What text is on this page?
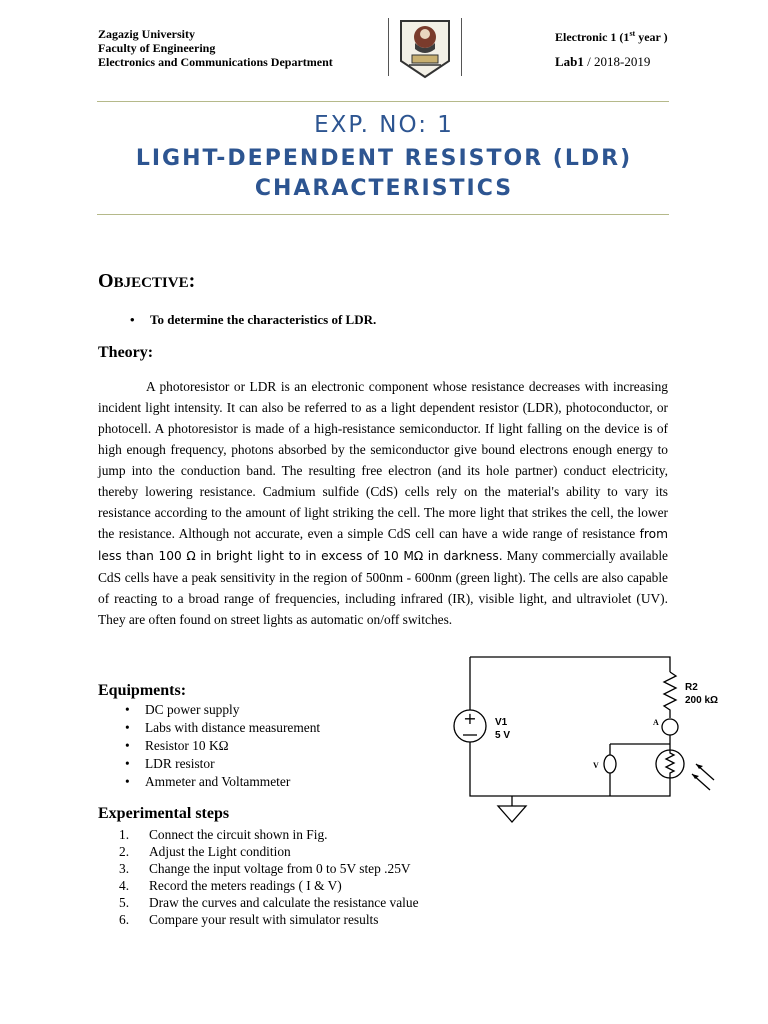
Zagazig University
Faculty of Engineering
Electronics and Communications Department
Electronic 1 (1st year )
Lab1 / 2018-2019
EXP. NO: 1
LIGHT-DEPENDENT RESISTOR (LDR)
CHARACTERISTICS
OBJECTIVE:
• To determine the characteristics of LDR.
Theory:

A photoresistor or LDR is an electronic component whose resistance decreases with increasing incident light intensity. It can also be referred to as a light dependent resistor (LDR), photoconductor, or photocell. A photoresistor is made of a high-resistance semiconductor. If light falling on the device is of high enough frequency, photons absorbed by the semiconductor give bound electrons enough energy to jump into the conduction band. The resulting free electron (and its hole partner) conduct electricity, thereby lowering resistance. Cadmium sulfide (CdS) cells rely on the material's ability to vary its resistance according to the amount of light striking the cell. The more light that strikes the cell, the lower the resistance. Although not accurate, even a simple CdS cell can have a wide range of resistance from less than 100 Ω in bright light to in excess of 10 MΩ in darkness. Many commercially available CdS cells have a peak sensitivity in the region of 500nm - 600nm (green light). The cells are also capable of reacting to a broad range of frequencies, including infrared (IR), visible light, and ultraviolet (UV). They are often found on street lights as automatic on/off switches.

Equipments:
• DC power supply
• Labs with distance measurement
• Resistor 10 KΩ
• LDR resistor
• Ammeter and Voltammeter
+ V1
5 V
R2
200 kΩ
A
V
Experimental steps
1.	Connect the circuit shown in Fig.
2.	Adjust the Light condition
3.	Change the input voltage from 0 to 5V step .25V
4.	Record the meters readings ( I & V)
5.	Draw the curves and calculate the resistance value
6.	Compare your result with simulator results
